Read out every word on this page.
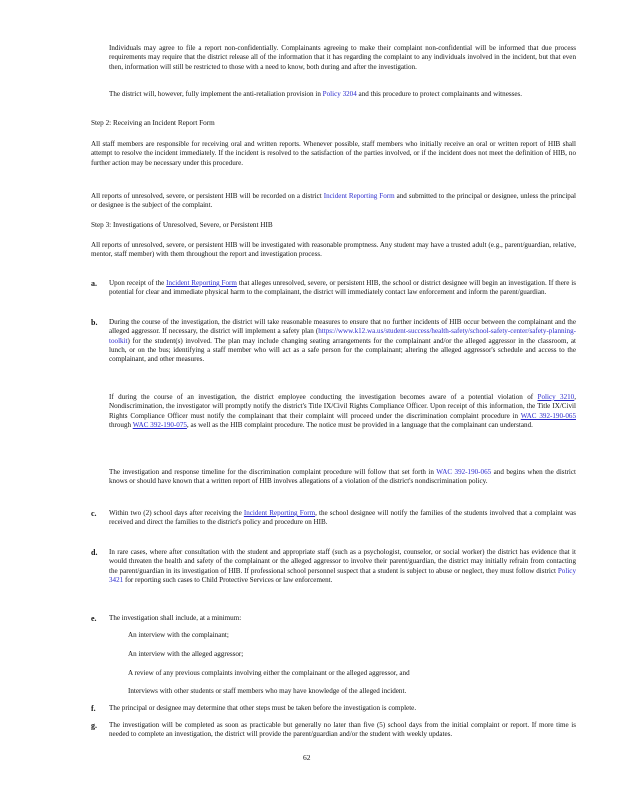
Individuals may agree to file a report non-confidentially. Complainants agreeing to make their complaint non-confidential will be informed that due process requirements may require that the district release all of the information that it has regarding the complaint to any individuals involved in the incident, but that even then, information will still be restricted to those with a need to know, both during and after the investigation.

The district will, however, fully implement the anti-retaliation provision in Policy 3204 and this procedure to protect complainants and witnesses.

Step 2: Receiving an Incident Report Form

All staff members are responsible for receiving oral and written reports. Whenever possible, staff members who initially receive an oral or written report of HIB shall attempt to resolve the incident immediately. If the incident is resolved to the satisfaction of the parties involved, or if the incident does not meet the definition of HIB, no further action may be necessary under this procedure.

All reports of unresolved, severe, or persistent HIB will be recorded on a district Incident Reporting Form and submitted to the principal or designee, unless the principal or designee is the subject of the complaint.

Step 3: Investigations of Unresolved, Severe, or Persistent HIB

All reports of unresolved, severe, or persistent HIB will be investigated with reasonable promptness. Any student may have a trusted adult (e.g., parent/guardian, relative, mentor, staff member) with them throughout the report and investigation process.

a. Upon receipt of the Incident Reporting Form that alleges unresolved, severe, or persistent HIB, the school or district designee will begin an investigation. If there is potential for clear and immediate physical harm to the complainant, the district will immediately contact law enforcement and inform the parent/guardian.

b. During the course of the investigation, the district will take reasonable measures to ensure that no further incidents of HIB occur between the complainant and the alleged aggressor. If necessary, the district will implement a safety plan (https://www.k12.wa.us/student-success/health-safety/school-safety-center/safety-planning-toolkit) for the student(s) involved. The plan may include changing seating arrangements for the complainant and/or the alleged aggressor in the classroom, at lunch, or on the bus; identifying a staff member who will act as a safe person for the complainant; altering the alleged aggressor's schedule and access to the complainant, and other measures.

If during the course of an investigation, the district employee conducting the investigation becomes aware of a potential violation of Policy 3210, Nondiscrimination, the investigator will promptly notify the district's Title IX/Civil Rights Compliance Officer. Upon receipt of this information, the Title IX/Civil Rights Compliance Officer must notify the complainant that their complaint will proceed under the discrimination complaint procedure in WAC 392-190-065 through WAC 392-190-075, as well as the HIB complaint procedure. The notice must be provided in a language that the complainant can understand.

The investigation and response timeline for the discrimination complaint procedure will follow that set forth in WAC 392-190-065 and begins when the district knows or should have known that a written report of HIB involves allegations of a violation of the district's nondiscrimination policy.

c. Within two (2) school days after receiving the Incident Reporting Form, the school designee will notify the families of the students involved that a complaint was received and direct the families to the district's policy and procedure on HIB.

d. In rare cases, where after consultation with the student and appropriate staff (such as a psychologist, counselor, or social worker) the district has evidence that it would threaten the health and safety of the complainant or the alleged aggressor to involve their parent/guardian, the district may initially refrain from contacting the parent/guardian in its investigation of HIB. If professional school personnel suspect that a student is subject to abuse or neglect, they must follow district Policy 3421 for reporting such cases to Child Protective Services or law enforcement.

e. The investigation shall include, at a minimum:

An interview with the complainant;
An interview with the alleged aggressor;
A review of any previous complaints involving either the complainant or the alleged aggressor, and
Interviews with other students or staff members who may have knowledge of the alleged incident.
f. The principal or designee may determine that other steps must be taken before the investigation is complete.

g. The investigation will be completed as soon as practicable but generally no later than five (5) school days from the initial complaint or report. If more time is needed to complete an investigation, the district will provide the parent/guardian and/or the student with weekly updates.

62
